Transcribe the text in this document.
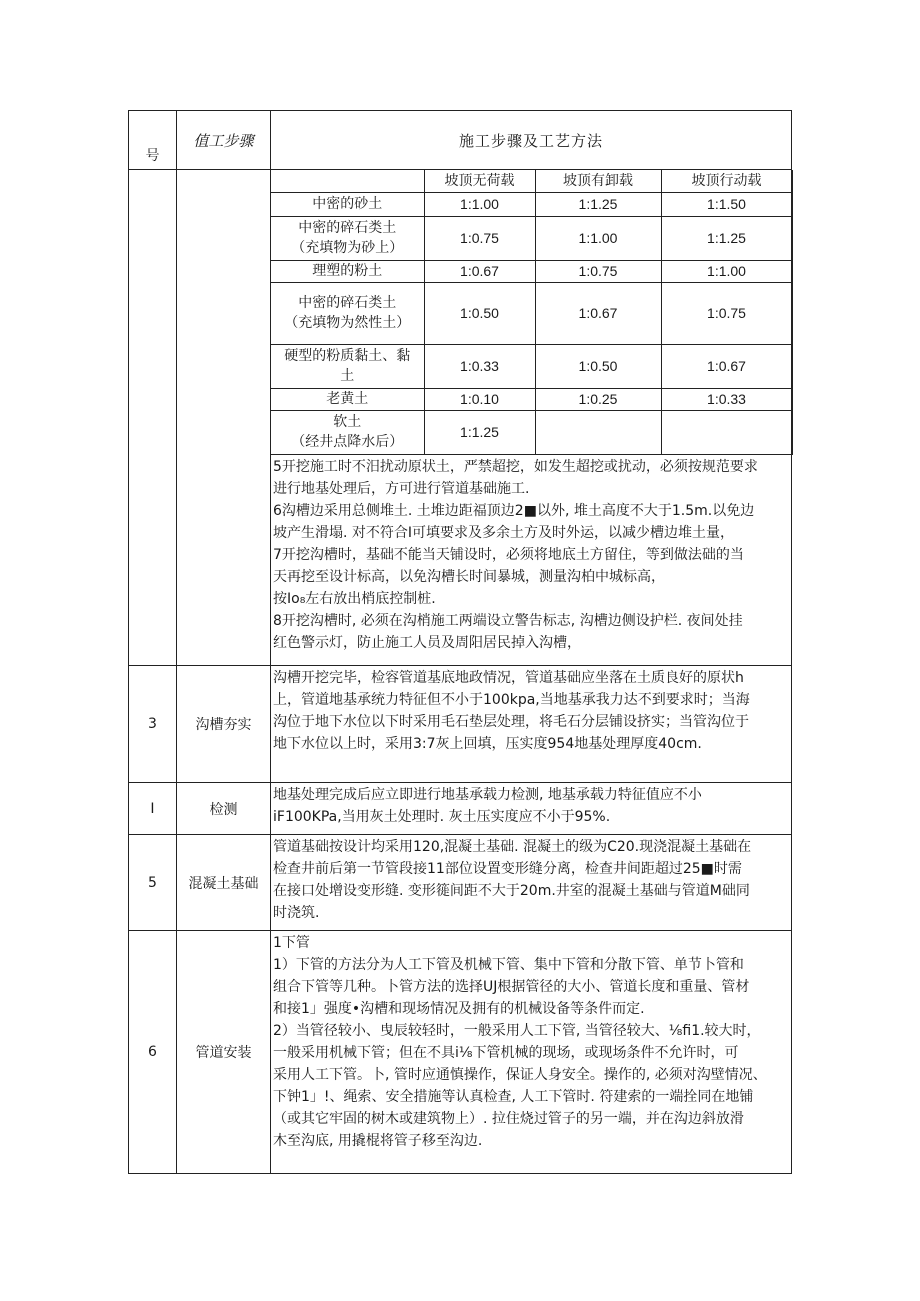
号	值工步骤	施工步骤及工艺方法

	坡顶无荷载	坡顶有卸载	坡顶行动载

中密的砂土	1:1.00	1:1.25	1:1.50

中密的碎石类土
（充填物为砂上）
	1:0.75	1:1.00	1:1.25

理塑的粉土	1:0.67	1:0.75	1:1.00

中密的碎石类土
（充填物为然性土）
	1:0.50	1:0.67	1:0.75

硬型的粉质黏土、黏
土
	1:0.33	1:0.50	1:0.67

老黄土	1:0.10	1:0.25	1:0.33

软土
（经井点降水后）
	1:1.25		
5开挖施工时不汨扰动原状土，严禁超挖，如发生超挖或扰动，必须按规范要求
进行地基处理后，方可进行管道基础施工.
6沟槽边采用总侧堆土. 土堆边距福顶边2■以外, 堆土高度不大于1.5m.以免边
坡产生滑塌. 对不符合I可填要求及多余土方及时外运，以减少槽边堆土量，
7开挖沟槽时，基础不能当天铺设时，必须将地底土方留住，等到做法础的当
天再挖至设计标高，以免沟槽长时间暴城，测量沟柏中城标高，
按Io₈左右放出梢底控制桩.
8开挖沟槽时, 必须在沟梢施工两端设立警告标志, 沟槽边侧设护栏. 夜间处挂
红色警示灯，防止施工人员及周阳居民掉入沟槽，

3	沟槽夯实	
沟槽开挖完毕，检容管道基底地政情况，管道基础应坐落在土质良好的原状h
上，管道地基承统力特征但不小于100kpa,当地基承我力达不到要求时；当海
沟位于地下水位以下时采用毛石垫层处理，将毛石分层铺设挤实；当管沟位于
地下水位以上时，采用3:7灰上回填，压实度954地基处理厚度40cm.

I	检测	
地基处理完成后应立即进行地基承载力检测, 地基承载力特征值应不小
iF100KPa,当用灰土处理时. 灰土压实度应不小于95%.

5	混凝土基础	
管道基础按设计均采用120,混凝土基础. 混凝土的级为C20.现浇混凝土基础在
检查井前后第一节管段接11部位设置变形缝分离，检查井间距超过25■时需
在接口处增设变形缝. 变形簁间距不大于20m.井室的混凝土基础与管道M础同
时浇筑.

6	管道安装	
1下管
1）下管的方法分为人工下管及机械下管、集中下管和分散下管、单节卜管和
组合下管等几种。卜管方法的选择UJ根据管径的大小、管道长度和重量、管材
和接1」强度•沟槽和现场情况及拥有的机械设备等条件而定.
2）当管径较小、曳辰较轻时，一般采用人工下管, 当管径较大、⅛fi1.较大时，
一般采用机械下管；但在不具i⅛下管机械的现场，或现场条件不允许时，可
采用人工下管。卜, 管时应通慎操作，保证人身安全。操作的, 必须对沟壁情况、
下钟1」!、绳索、安全措施等认真检查, 人工下管时. 符建索的一端拴同在地铺
（或其它牢固的树木或建筑物上）. 拉住烧过管子的另一端，并在沟边斜放滑
木至沟底, 用撬棍将管子移至沟边.
